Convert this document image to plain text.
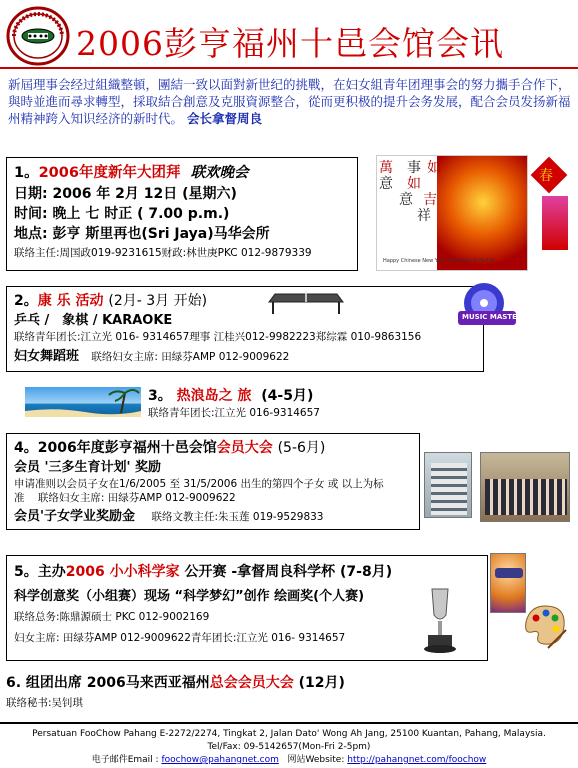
2006彭亨福州十邑会馆会讯
新屆理事会经过組織整頓，團結一致以面對新世纪的挑戰，在妇女組青年团理事会的努力攜手合作下，　與時並進而尋求轉型，採取結合創意及克服資源整合，從而更积极的提升会务发展，配合会员发扬新福州精神跨入知识经济的新时代。 会长拿督周良
1。2006年度新年大团拜 联欢晚会
日期: 2006 年 2月 12日 (星期六)
时间: 晚上 七 时正 ( 7.00 p.m.)
地点: 彭亨 斯里再也(Sri Jaya)马华会所
联络主任:周国政019-9231615财政:林世庚PKC 012-9879339
萬 事 如
意 如
意 吉
祥
Happy Chinese New Year and Gong Xi Fa Cai
春
2。康 乐 活动 (2月- 3月 开始)
乒乓 /　象棋 / KARAOKE
联络青年团长:江立光 016- 9314657理事 江桂兴012-9982223郑综霖 010-9863156
妇女舞蹈班 联络妇女主席: 田绿芬AMP 012-9009622
MUSIC MASTER
3。 热浪岛之 旅 (4-5月)
联络青年团长:江立光 016-9314657
4。2006年度彭亨福州十邑会馆会员大会 (5-6月)
会员 '三多生育计划' 奖励
申请准则以会员子女在1/6/2005 至 31/5/2006 出生的第四个子女 或 以上为标准 联络妇女主席: 田绿芬AMP 012-9009622
会员'子女学业奖励金 联络文教主任:朱玉莲 019-9529833
5。主办2006 小小科学家 公开赛 -拿督周良科学杯 (7-8月)
科学创意奖（小组赛）现场 “科学梦幻”创作 绘画奖(个人赛)
联络总务:陈鼎源硕士 PKC 012-9002169
妇女主席: 田绿芬AMP 012-9009622青年团长:江立光 016- 9314657
6. 组团出席 2006马来西亚福州总会会员大会 (12月)
联络秘书:吴钊琪
Persatuan FooChow Pahang E-2272/2274, Tingkat 2, Jalan Dato' Wong Ah Jang, 25100 Kuantan, Pahang, Malaysia.
Tel/Fax: 09-5142657(Mon-Fri 2-5pm)
电子邮件Email : foochow@pahangnet.com 网站Website: http://pahangnet.com/foochow
